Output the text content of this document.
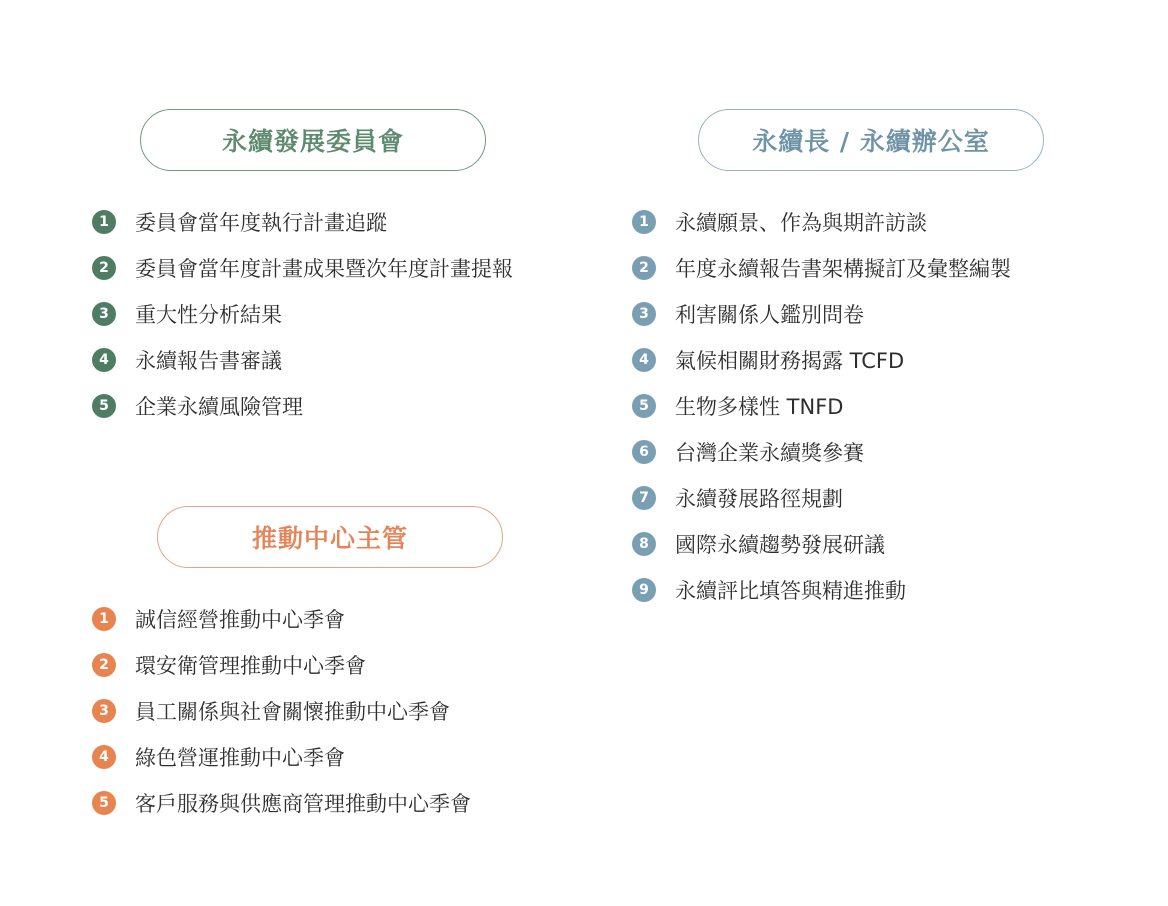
永續發展委員會
1	委員會當年度執行計畫追蹤
2	委員會當年度計畫成果暨次年度計畫提報
3	重大性分析結果
4	永續報告書審議
5	企業永續風險管理
推動中心主管
1	誠信經營推動中心季會
2	環安衛管理推動中心季會
3	員工關係與社會關懷推動中心季會
4	綠色營運推動中心季會
5	客戶服務與供應商管理推動中心季會
永續長 / 永續辦公室
1	永續願景、作為與期許訪談
2	年度永續報告書架構擬訂及彙整編製
3	利害關係人鑑別問卷
4	氣候相關財務揭露 TCFD
5	生物多樣性 TNFD
6	台灣企業永續獎參賽
7	永續發展路徑規劃
8	國際永續趨勢發展研議
9	永續評比填答與精進推動
